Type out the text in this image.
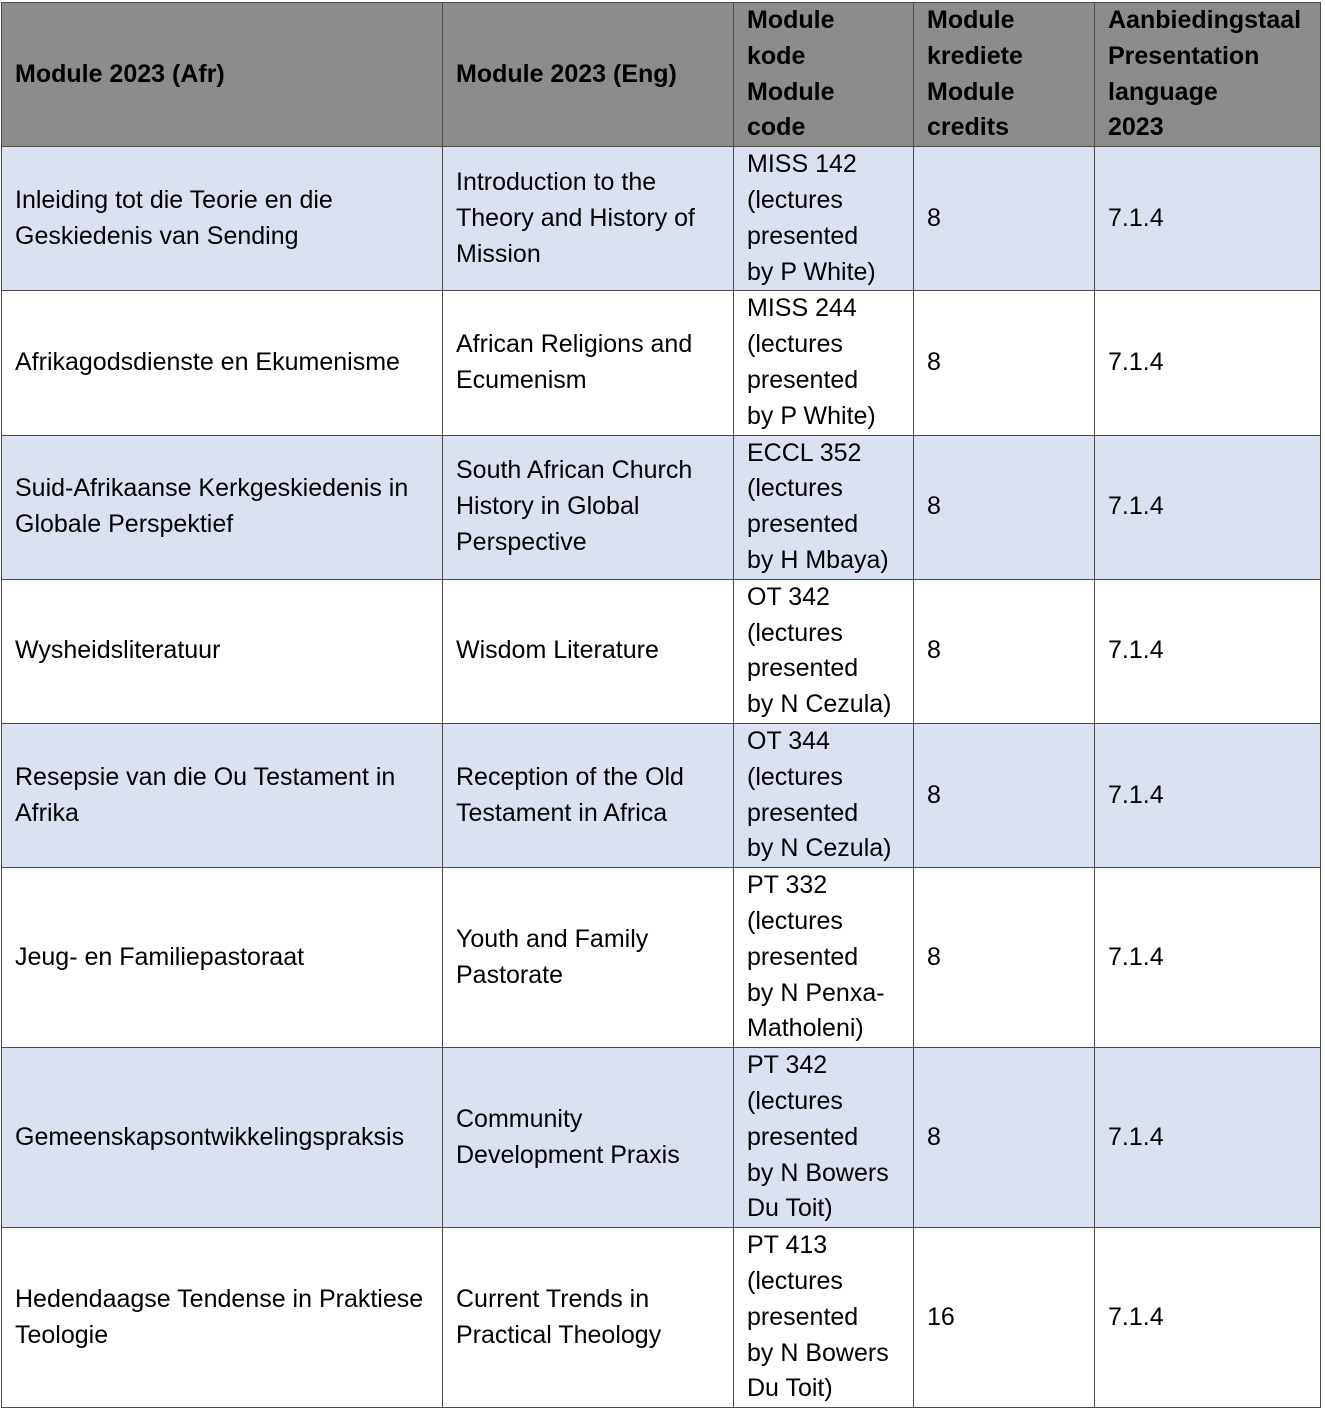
Module 2023 (Afr)	Module 2023 (Eng)	Module
kode
Module
code	Module
krediete
Module
credits	Aanbiedingstaal
Presentation
language
2023
Inleiding tot die Teorie en die Geskiedenis van Sending	Introduction to the Theory and History of Mission	MISS 142
(lectures
presented
by P White)	8	7.1.4
Afrikagodsdienste en Ekumenisme	African Religions and Ecumenism	MISS 244
(lectures
presented
by P White)	8	7.1.4
Suid-Afrikaanse Kerkgeskiedenis in Globale Perspektief	South African Church History in Global Perspective	ECCL 352
(lectures
presented
by H Mbaya)	8	7.1.4
Wysheidsliteratuur	Wisdom Literature	OT 342
(lectures
presented
by N Cezula)	8	7.1.4
Resepsie van die Ou Testament in Afrika	Reception of the Old Testament in Africa	OT 344
(lectures
presented
by N Cezula)	8	7.1.4
Jeug- en Familiepastoraat	Youth and Family Pastorate	PT 332
(lectures
presented
by N Penxa-
Matholeni)	8	7.1.4
Gemeenskapsontwikkelingspraksis	Community Development Praxis	PT 342
(lectures
presented
by N Bowers
Du Toit)	8	7.1.4
Hedendaagse Tendense in Praktiese Teologie	Current Trends in Practical Theology	PT 413
(lectures
presented
by N Bowers
Du Toit)	16	7.1.4
